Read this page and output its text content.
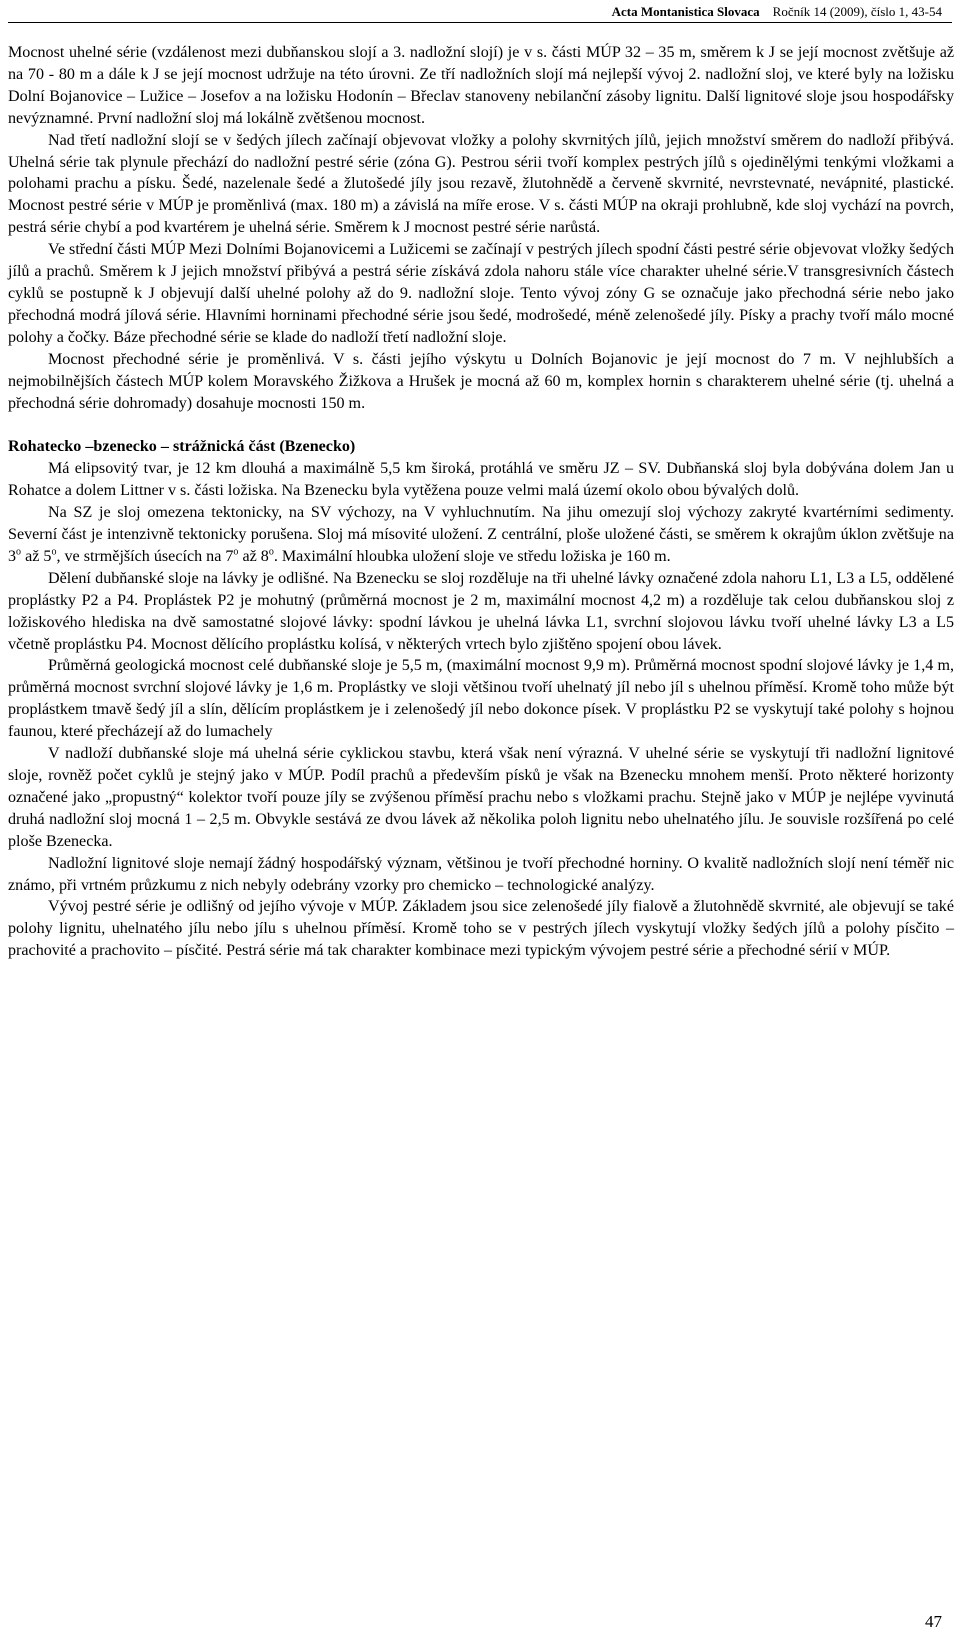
Acta Montanistica Slovaca Ročník 14 (2009), číslo 1, 43-54

Mocnost uhelné série (vzdálenost mezi dubňanskou slojí a 3. nadložní slojí) je v s. části MÚP 32 – 35 m, směrem k J se její mocnost zvětšuje až na 70 - 80 m a dále k J se její mocnost udržuje na této úrovni. Ze tří nadložních slojí má nejlepší vývoj 2. nadložní sloj, ve které byly na ložisku Dolní Bojanovice – Lužice – Josefov a na ložisku Hodonín – Břeclav stanoveny nebilanční zásoby lignitu. Další lignitové sloje jsou hospodářsky nevýznamné. První nadložní sloj má lokálně zvětšenou mocnost.

Nad třetí nadložní slojí se v šedých jílech začínají objevovat vložky a polohy skvrnitých jílů, jejich množství směrem do nadloží přibývá. Uhelná série tak plynule přechází do nadložní pestré série (zóna G). Pestrou sérii tvoří komplex pestrých jílů s ojedinělými tenkými vložkami a polohami prachu a písku. Šedé, nazelenale šedé a žlutošedé jíly jsou rezavě, žlutohnědě a červeně skvrnité, nevrstevnaté, nevápnité, plastické. Mocnost pestré série v MÚP je proměnlivá (max. 180 m) a závislá na míře erose. V s. části MÚP na okraji prohlubně, kde sloj vychází na povrch, pestrá série chybí a pod kvartérem je uhelná série. Směrem k J mocnost pestré série narůstá.

Ve střední části MÚP Mezi Dolními Bojanovicemi a Lužicemi se začínají v pestrých jílech spodní části pestré série objevovat vložky šedých jílů a prachů. Směrem k J jejich množství přibývá a pestrá série získává zdola nahoru stále více charakter uhelné série.V transgresivních částech cyklů se postupně k J objevují další uhelné polohy až do 9. nadložní sloje. Tento vývoj zóny G se označuje jako přechodná série nebo jako přechodná modrá jílová série. Hlavními horninami přechodné série jsou šedé, modrošedé, méně zelenošedé jíly. Písky a prachy tvoří málo mocné polohy a čočky. Báze přechodné série se klade do nadloží třetí nadložní sloje.

Mocnost přechodné série je proměnlivá. V s. části jejího výskytu u Dolních Bojanovic je její mocnost do 7 m. V nejhlubších a nejmobilnějších částech MÚP kolem Moravského Žižkova a Hrušek je mocná až 60 m, komplex hornin s charakterem uhelné série (tj. uhelná a přechodná série dohromady) dosahuje mocnosti 150 m.

Rohatecko –bzenecko – strážnická část (Bzenecko)

Má elipsovitý tvar, je 12 km dlouhá a maximálně 5,5 km široká, protáhlá ve směru JZ – SV. Dubňanská sloj byla dobývána dolem Jan u Rohatce a dolem Littner v s. části ložiska. Na Bzenecku byla vytěžena pouze velmi malá území okolo obou bývalých dolů.

Na SZ je sloj omezena tektonicky, na SV výchozy, na V vyhluchnutím. Na jihu omezují sloj výchozy zakryté kvartérními sedimenty. Severní část je intenzivně tektonicky porušena. Sloj má mísovité uložení. Z centrální, ploše uložené části, se směrem k okrajům úklon zvětšuje na 3$^o$ až 5$^o$, ve strmějších úsecích na 7$^o$ až 8$^o$. Maximální hloubka uložení sloje ve středu ložiska je 160 m.

Dělení dubňanské sloje na lávky je odlišné. Na Bzenecku se sloj rozděluje na tři uhelné lávky označené zdola nahoru L1, L3 a L5, oddělené proplástky P2 a P4. Proplástek P2 je mohutný (průměrná mocnost je 2 m, maximální mocnost 4,2 m) a rozděluje tak celou dubňanskou sloj z ložiskového hlediska na dvě samostatné slojové lávky: spodní lávkou je uhelná lávka L1, svrchní slojovou lávku tvoří uhelné lávky L3 a L5 včetně proplástku P4. Mocnost dělícího proplástku kolísá, v některých vrtech bylo zjištěno spojení obou lávek.

Průměrná geologická mocnost celé dubňanské sloje je 5,5 m, (maximální mocnost 9,9 m). Průměrná mocnost spodní slojové lávky je 1,4 m, průměrná mocnost svrchní slojové lávky je 1,6 m. Proplástky ve sloji většinou tvoří uhelnatý jíl nebo jíl s uhelnou příměsí. Kromě toho může být proplástkem tmavě šedý jíl a slín, dělícím proplástkem je i zelenošedý jíl nebo dokonce písek. V proplástku P2 se vyskytují také polohy s hojnou faunou, které přecházejí až do lumachely

V nadloží dubňanské sloje má uhelná série cyklickou stavbu, která však není výrazná. V uhelné série se vyskytují tři nadložní lignitové sloje, rovněž počet cyklů je stejný jako v MÚP. Podíl prachů a především písků je však na Bzenecku mnohem menší. Proto některé horizonty označené jako „propustný“ kolektor tvoří pouze jíly se zvýšenou příměsí prachu nebo s vložkami prachu. Stejně jako v MÚP je nejlépe vyvinutá druhá nadložní sloj mocná 1 – 2,5 m. Obvykle sestává ze dvou lávek až několika poloh lignitu nebo uhelnatého jílu. Je souvisle rozšířená po celé ploše Bzenecka.

Nadložní lignitové sloje nemají žádný hospodářský význam, většinou je tvoří přechodné horniny. O kvalitě nadložních slojí není téměř nic známo, při vrtném průzkumu z nich nebyly odebrány vzorky pro chemicko – technologické analýzy.

Vývoj pestré série je odlišný od jejího vývoje v MÚP. Základem jsou sice zelenošedé jíly fialově a žlutohnědě skvrnité, ale objevují se také polohy lignitu, uhelnatého jílu nebo jílu s uhelnou příměsí. Kromě toho se v pestrých jílech vyskytují vložky šedých jílů a polohy písčito – prachovité a prachovito – písčité. Pestrá série má tak charakter kombinace mezi typickým vývojem pestré série a přechodné sérií v MÚP.

47
